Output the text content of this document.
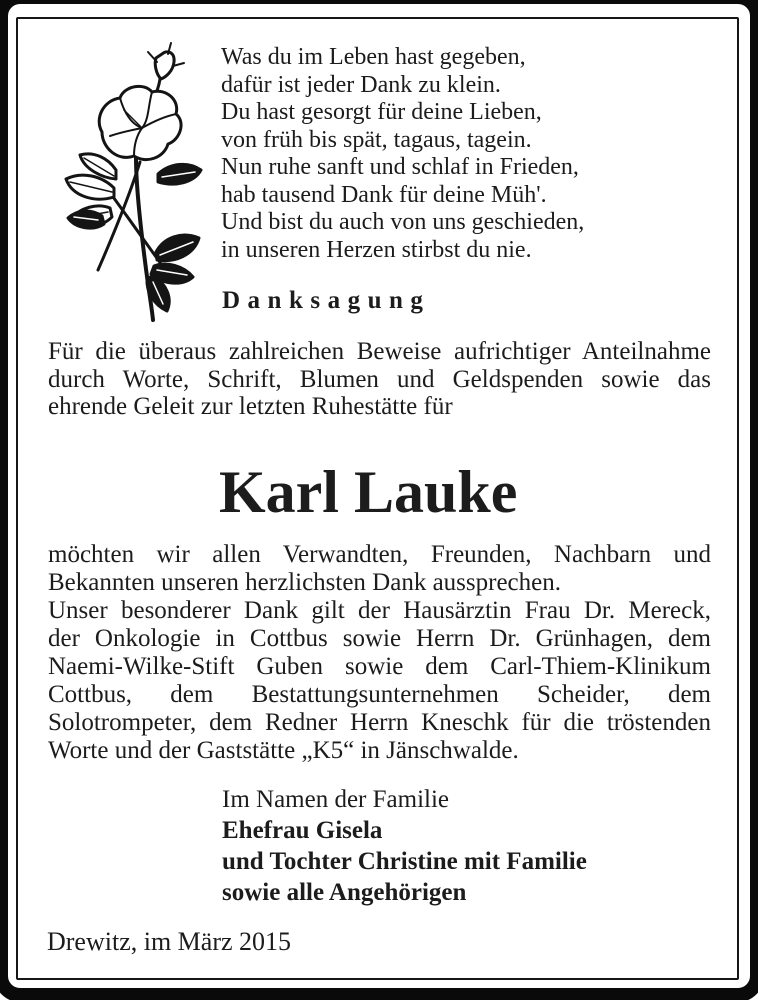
Was du im Leben hast gegeben,
dafür ist jeder Dank zu klein.
Du hast gesorgt für deine Lieben,
von früh bis spät, tagaus, tagein.
Nun ruhe sanft und schlaf in Frieden,
hab tausend Dank für deine Müh'.
Und bist du auch von uns geschieden,
in unseren Herzen stirbst du nie.
Danksagung
Für die überaus zahlreichen Beweise aufrichtiger Anteilnahme
durch Worte, Schrift, Blumen und Geldspenden sowie das
ehrende Geleit zur letzten Ruhestätte für
Karl Lauke
möchten wir allen Verwandten, Freunden, Nachbarn und
Bekannten unseren herzlichsten Dank aussprechen.
Unser besonderer Dank gilt der Hausärztin Frau Dr. Mereck,
der Onkologie in Cottbus sowie Herrn Dr. Grünhagen, dem
Naemi-Wilke-Stift Guben sowie dem Carl-Thiem-Klinikum
Cottbus, dem Bestattungsunternehmen Scheider, dem
Solotrompeter, dem Redner Herrn Kneschk für die tröstenden
Worte und der Gaststätte „K5“ in Jänschwalde.
Im Namen der Familie
Ehefrau Gisela
und Tochter Christine mit Familie
sowie alle Angehörigen
Drewitz, im März 2015
